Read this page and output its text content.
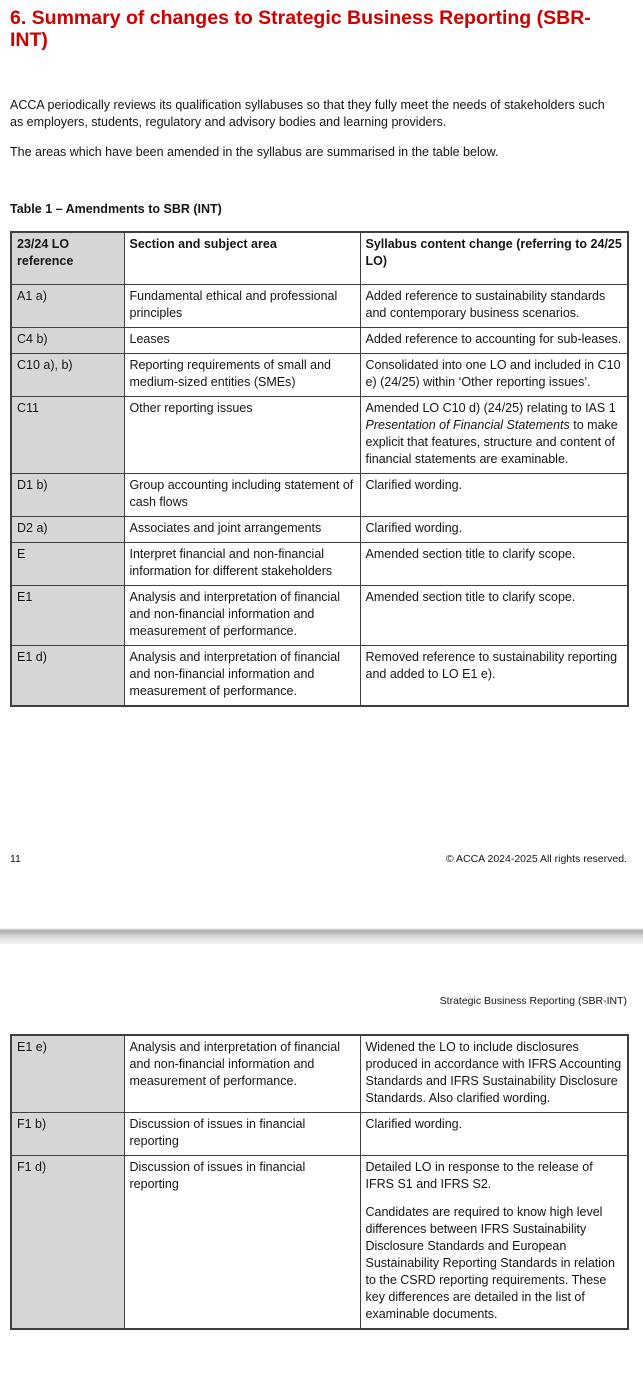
6. Summary of changes to Strategic Business Reporting (SBR-INT)

ACCA periodically reviews its qualification syllabuses so that they fully meet the needs of stakeholders such as employers, students, regulatory and advisory bodies and learning providers.

The areas which have been amended in the syllabus are summarised in the table below.

Table 1 – Amendments to SBR (INT)

23/24 LO reference	Section and subject area	Syllabus content change (referring to 24/25 LO)
A1 a)	Fundamental ethical and professional principles	Added reference to sustainability standards and contemporary business scenarios.

C4 b)	Leases	Added reference to accounting for sub-leases.

C10 a), b)	Reporting requirements of small and medium-sized entities (SMEs)	Consolidated into one LO and included in C10 e) (24/25) within ‘Other reporting issues’.

C11	Other reporting issues	Amended LO C10 d) (24/25) relating to IAS 1 Presentation of Financial Statements to make explicit that features, structure and content of financial statements are examinable.

D1 b)	Group accounting including statement of cash flows	Clarified wording.

D2 a)	Associates and joint arrangements	Clarified wording.

E	Interpret financial and non-financial information for different stakeholders	Amended section title to clarify scope.

E1	Analysis and interpretation of financial and non-financial information and measurement of performance.	Amended section title to clarify scope.

E1 d)	Analysis and interpretation of financial and non-financial information and measurement of performance.	Removed reference to sustainability reporting and added to LO E1 e).

11	© ACCA 2024-2025 All rights reserved.
Strategic Business Reporting (SBR-INT)
E1 e)	Analysis and interpretation of financial and non-financial information and measurement of performance.	Widened the LO to include disclosures produced in accordance with IFRS Accounting Standards and IFRS Sustainability Disclosure Standards. Also clarified wording.

F1 b)	Discussion of issues in financial reporting	Clarified wording.

F1 d)	Discussion of issues in financial reporting	Detailed LO in response to the release of IFRS S1 and IFRS S2.

Candidates are required to know high level differences between IFRS Sustainability Disclosure Standards and European Sustainability Reporting Standards in relation to the CSRD reporting requirements. These key differences are detailed in the list of examinable documents.
